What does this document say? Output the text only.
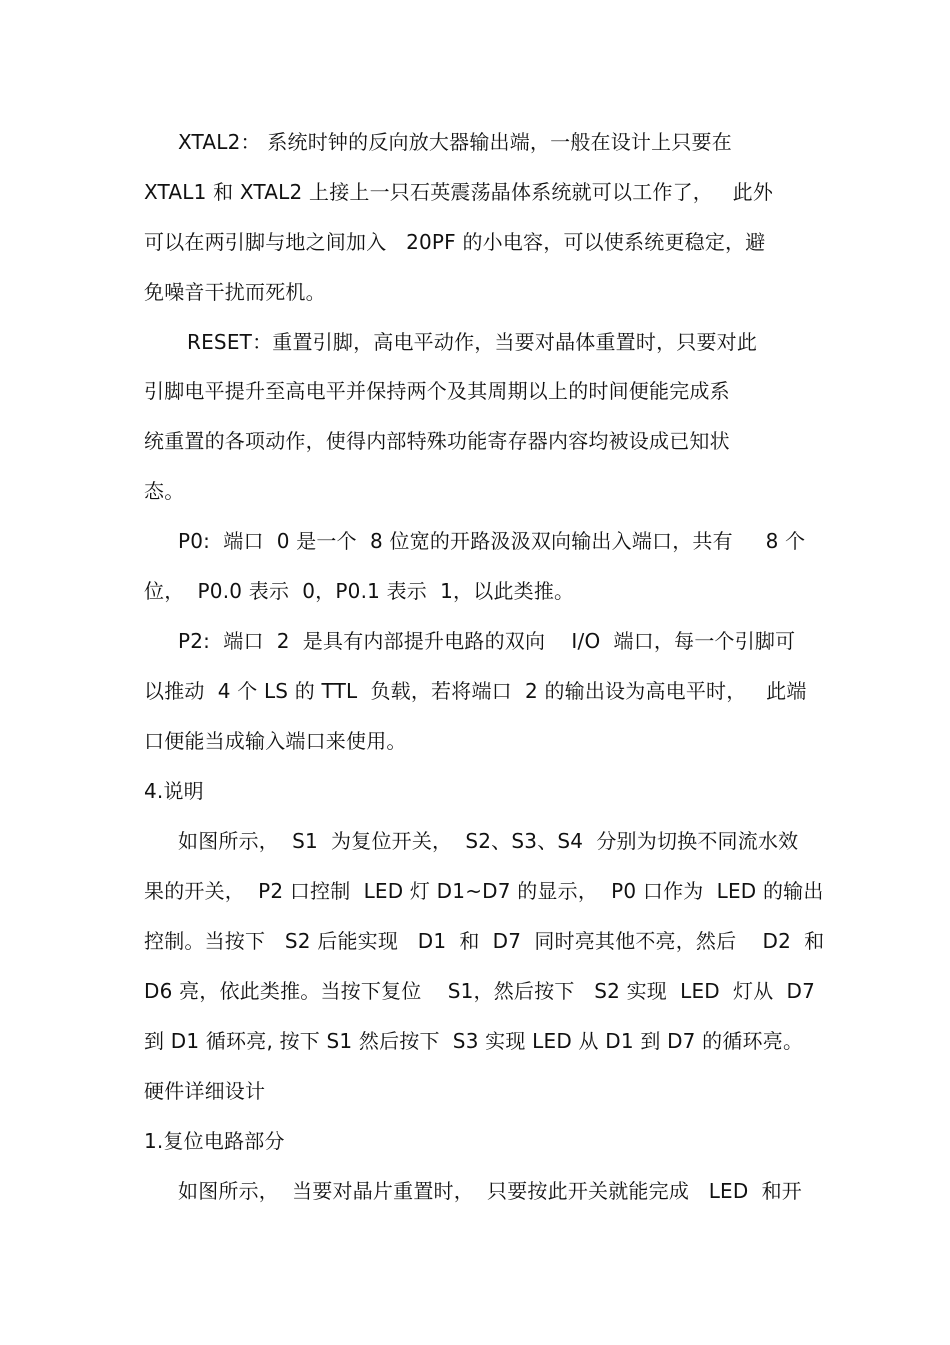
XTAL2： 系统时钟的反向放大器输出端，一般在设计上只要在
XTAL1 和 XTAL2 上接上一只石英震荡晶体系统就可以工作了，   此外
可以在两引脚与地之间加入   20PF 的小电容，可以使系统更稳定，避
免噪音干扰而死机。
RESET：重置引脚，高电平动作，当要对晶体重置时，只要对此
引脚电平提升至高电平并保持两个及其周期以上的时间便能完成系
统重置的各项动作，使得内部特殊功能寄存器内容均被设成已知状
态。
P0:  端口  0 是一个  8 位宽的开路汲汲双向输出入端口，共有     8 个
位，  P0.0 表示  0，P0.1 表示  1，以此类推。
P2:  端口  2  是具有内部提升电路的双向    I/O  端口，每一个引脚可
以推动  4 个 LS 的 TTL  负载，若将端口  2 的输出设为高电平时，   此端
口便能当成输入端口来使用。
4.说明
如图所示，  S1  为复位开关，  S2、S3、S4  分别为切换不同流水效
果的开关，  P2 口控制  LED 灯 D1~D7 的显示，  P0 口作为  LED 的输出
控制。当按下   S2 后能实现   D1  和  D7  同时亮其他不亮，然后    D2  和
D6 亮，依此类推。当按下复位    S1，然后按下   S2 实现  LED  灯从  D7
到 D1 循环亮, 按下 S1 然后按下  S3 实现 LED 从 D1 到 D7 的循环亮。
硬件详细设计
1.复位电路部分
如图所示，  当要对晶片重置时，  只要按此开关就能完成   LED  和开
